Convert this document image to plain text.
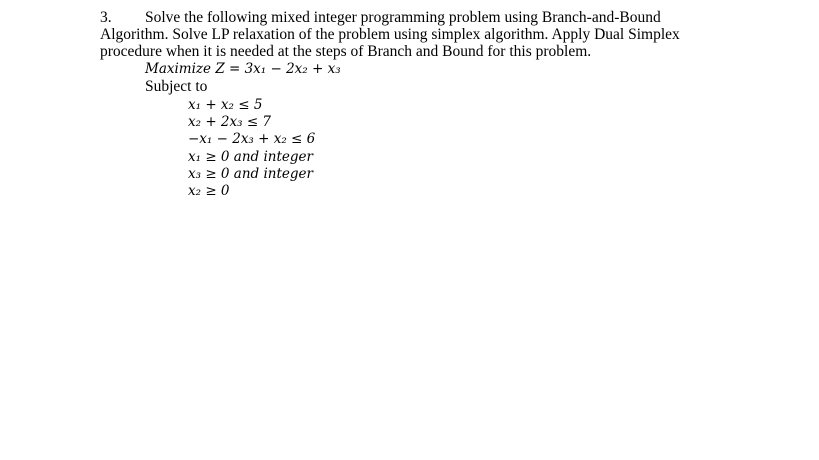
3. Solve the following mixed integer programming problem using Branch-and-Bound
Algorithm. Solve LP relaxation of the problem using simplex algorithm. Apply Dual Simplex
procedure when it is needed at the steps of Branch and Bound for this problem.
Maximize Z = 3x₁ − 2x₂ + x₃
Subject to
x₁ + x₂ ≤ 5
x₂ + 2x₃ ≤ 7
−x₁ − 2x₃ + x₂ ≤ 6
x₁ ≥ 0 and integer
x₃ ≥ 0 and integer
x₂ ≥ 0
